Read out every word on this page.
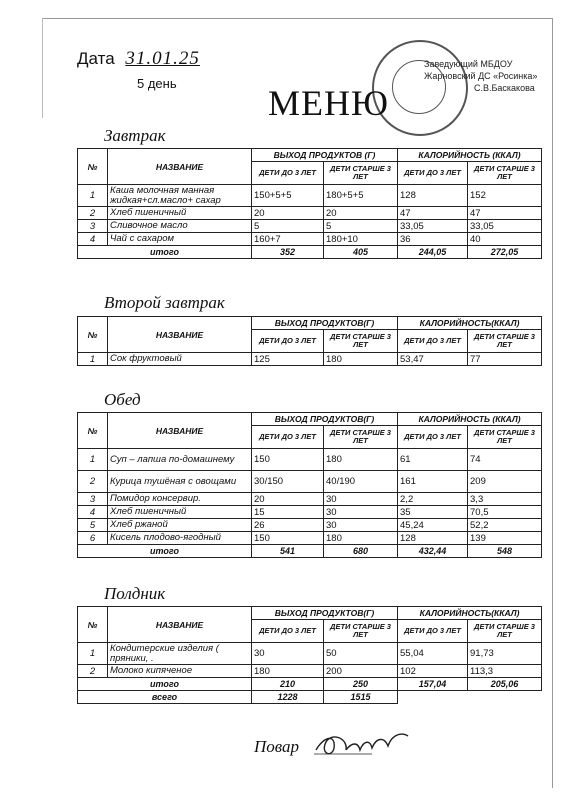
Дата 31.01.25
5 день
Заведующий МБДОУ
Жарновский ДС «Росинка»
С.В.Баскакова
МЕНЮ
Завтрак
№	НАЗВАНИЕ	ВЫХОД ПРОДУКТОВ (Г)		КАЛОРИЙНОСТЬ (ККАЛ)	
		ДЕТИ ДО 3 ЛЕТ	ДЕТИ СТАРШЕ 3 ЛЕТ	ДЕТИ ДО 3 ЛЕТ	ДЕТИ СТАРШЕ 3 ЛЕТ
1	Каша молочная манная жидкая+сл.масло+ сахар	150+5+5	180+5+5	128	152
2	Хлеб пшеничный	20	20	47	47
3	Сливочное масло	5	5	33,05	33,05
4	Чай с сахаром	160+7	180+10	36	40
итого		352	405	244,05	272,05
Второй завтрак
№	НАЗВАНИЕ	ВЫХОД ПРОДУКТОВ(Г)		КАЛОРИЙНОСТЬ(ККАЛ)	
		ДЕТИ ДО 3 ЛЕТ	ДЕТИ СТАРШЕ 3 ЛЕТ	ДЕТИ ДО 3 ЛЕТ	ДЕТИ СТАРШЕ 3 ЛЕТ
1	Сок фруктовый	125	180	53,47	77
Обед
№	НАЗВАНИЕ	ВЫХОД ПРОДУКТОВ(Г)		КАЛОРИЙНОСТЬ (ККАЛ)	
		ДЕТИ ДО 3 ЛЕТ	ДЕТИ СТАРШЕ 3 ЛЕТ	ДЕТИ ДО 3 ЛЕТ	ДЕТИ СТАРШЕ 3 ЛЕТ
1	Суп – лапша по-домашнему	150	180	61	74
2	Курица тушёная с овощами	30/150	40/190	161	209
3	Помидор консервир.	20	30	2,2	3,3
4	Хлеб пшеничный	15	30	35	70,5
5	Хлеб ржаной	26	30	45,24	52,2
6	Кисель плодово-ягодный	150	180	128	139
итого		541	680	432,44	548
Полдник
№	НАЗВАНИЕ	ВЫХОД ПРОДУКТОВ(Г)		КАЛОРИЙНОСТЬ(ККАЛ)	
		ДЕТИ ДО 3 ЛЕТ	ДЕТИ СТАРШЕ 3 ЛЕТ	ДЕТИ ДО 3 ЛЕТ	ДЕТИ СТАРШЕ 3 ЛЕТ
1	Кондитерские изделия ( пряники, .	30	50	55,04	91,73
2	Молоко кипяченое	180	200	102	113,3
итого		210	250	157,04	205,06
всего		1228	1515		
Повар
